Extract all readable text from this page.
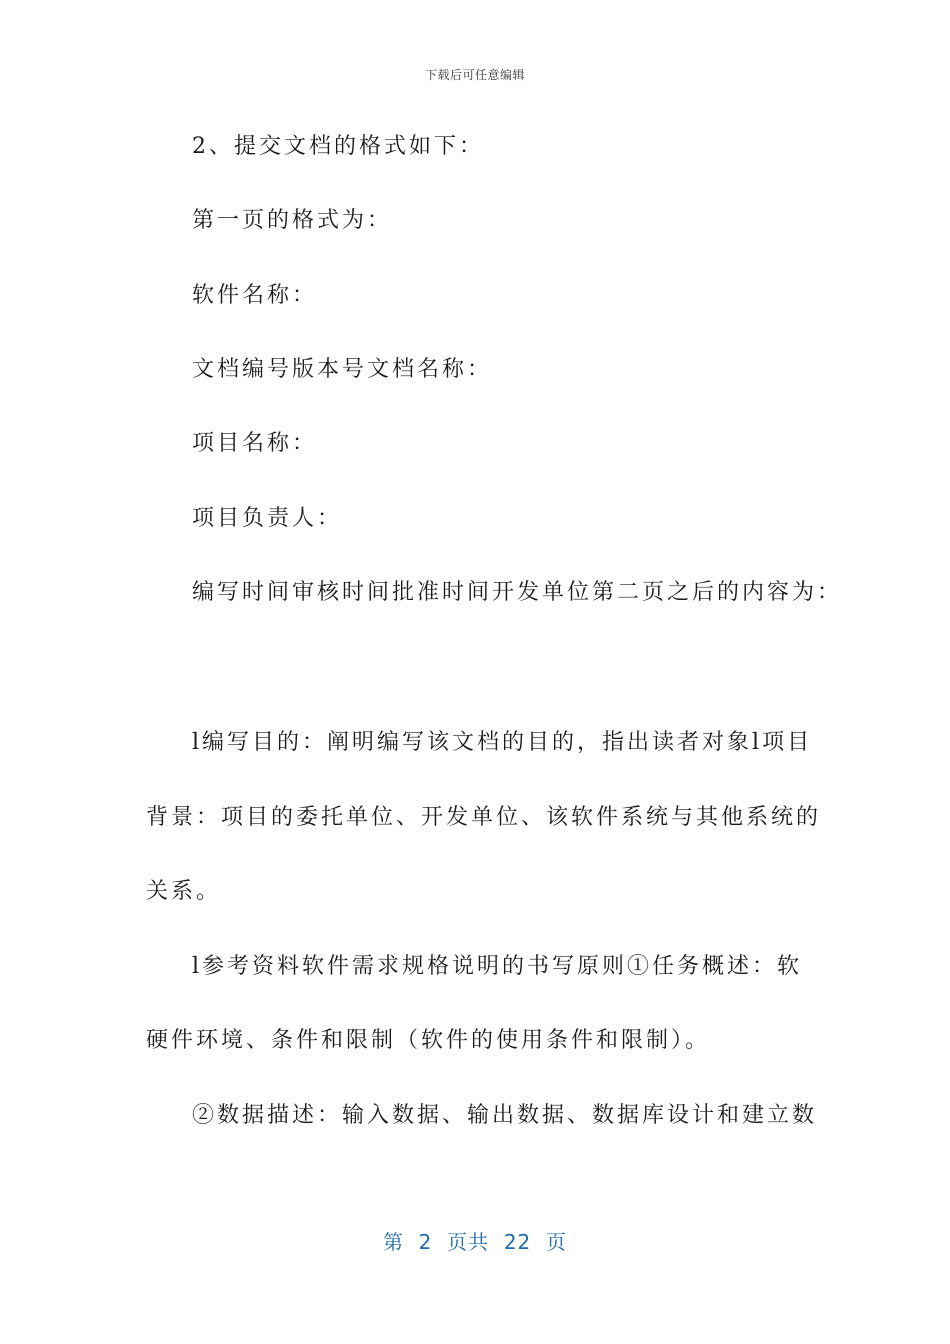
下载后可任意编辑
2、提交文档的格式如下：
第一页的格式为：
软件名称：
文档编号版本号文档名称：
项目名称：
项目负责人：
编写时间审核时间批准时间开发单位第二页之后的内容为：
l编写目的：阐明编写该文档的目的，指出读者对象l项目
背景：项目的委托单位、开发单位、该软件系统与其他系统的
关系。
l参考资料软件需求规格说明的书写原则①任务概述：软
硬件环境、条件和限制（软件的使用条件和限制）。
②数据描述：输入数据、输出数据、数据库设计和建立数
第  2  页共  22  页
